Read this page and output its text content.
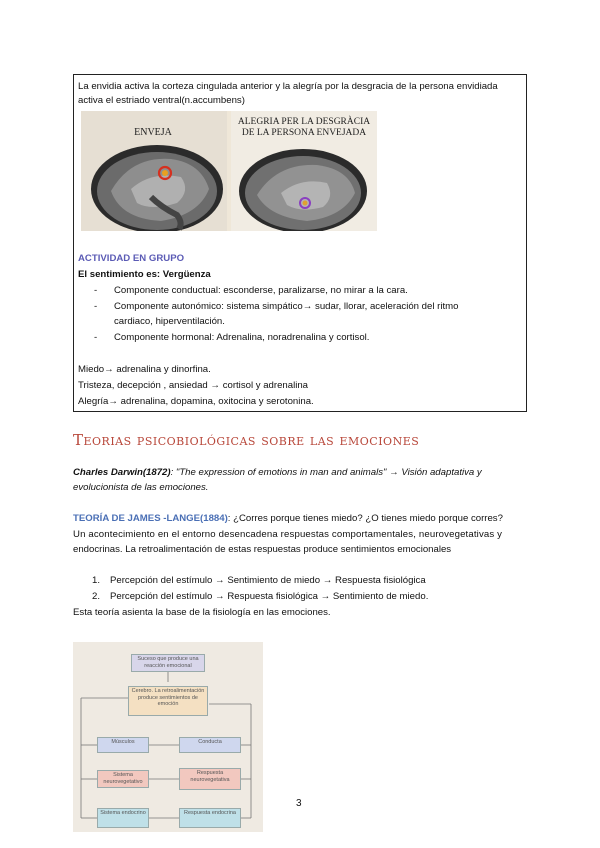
La envidia activa la corteza cingulada anterior y la alegría por la desgracia de la persona envidiada
activa el estriado ventral(n.accumbens)
ENVEJA
ALEGRIA PER LA DESGRÀCIA
DE LA PERSONA ENVEJADA
ACTIVIDAD EN GRUPO
El sentimiento es: Vergüenza
- Componente conductual: esconderse, paralizarse, no mirar a la cara.
- Componente autonómico: sistema simpático→ sudar, llorar, aceleración del ritmo
cardiaco, hiperventilación.
- Componente hormonal: Adrenalina, noradrenalina y cortisol.
Miedo→ adrenalina y dinorfina.
Tristeza, decepción , ansiedad → cortisol y adrenalina
Alegría→ adrenalina, dopamina, oxitocina y serotonina.
Teorias psicobiológicas sobre las emociones
Charles Darwin(1872): "The expression of emotions in man and animals" → Visión adaptativa y
evolucionista de las emociones.
TEORÍA DE JAMES -LANGE(1884): ¿Corres porque tienes miedo? ¿O tienes miedo porque corres?
Un acontecimiento en el entorno desencadena respuestas comportamentales, neurovegetativas y
endocrinas. La retroalimentación de estas respuestas produce sentimientos emocionales
1.	Percepción del estímulo → Sentimiento de miedo → Respuesta fisiológica
2.	Percepción del estímulo → Respuesta fisiológica → Sentimiento de miedo.
Esta teoría asienta la base de la fisiología en las emociones.
Suceso que produce una reacción emocional
Cerebro. La retroalimentación produce sentimientos de emoción
Músculos	Conducta
Sistema neurovegetativo
Respuesta neurovegetativa
Sistema endocrino	Respuesta endocrina
3
